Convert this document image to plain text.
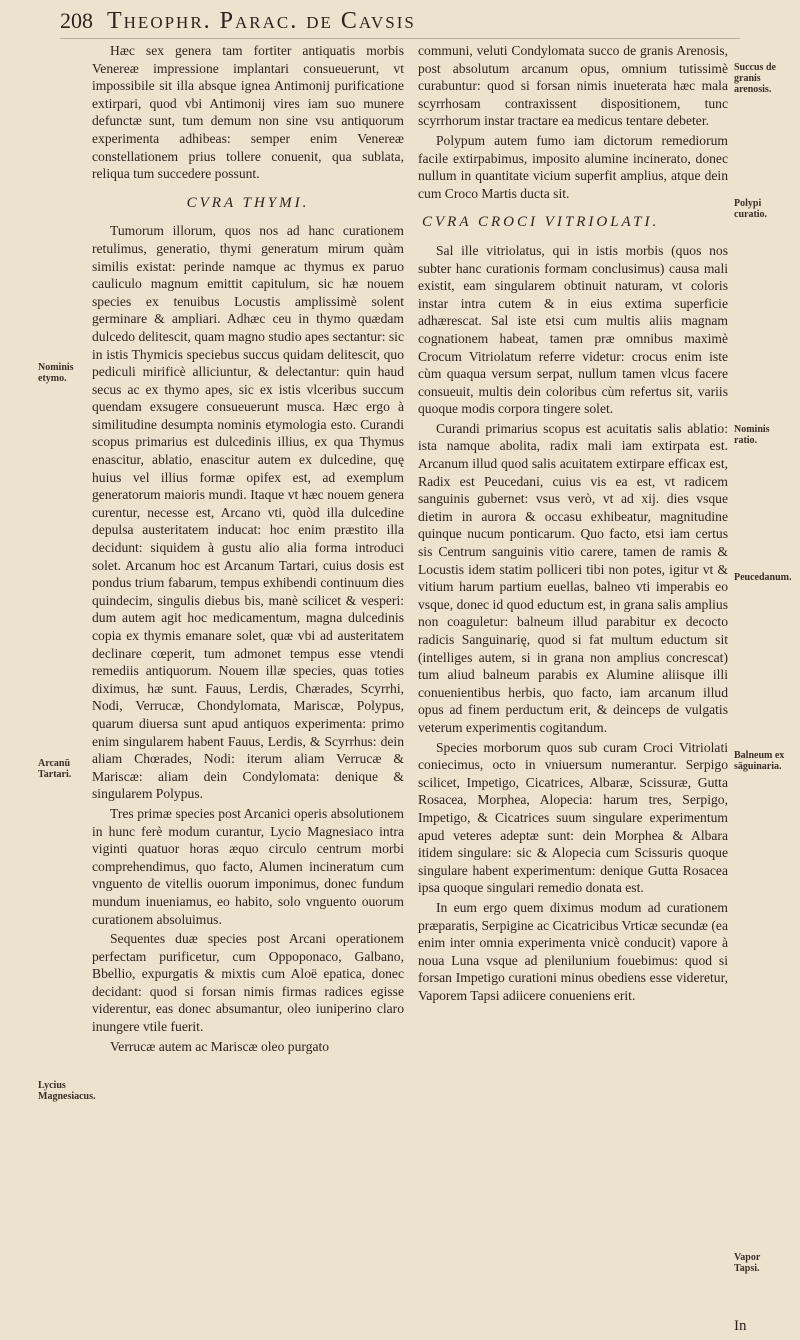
208 Theophr. Parac. de Cavsis

Hæc sex genera tam fortiter antiquatis morbis Venereæ impressione implantari consueuerunt, vt impossibile sit illa absque ignea Antimonij purificatione extirpari, quod vbi Antimonij vires iam suo munere defunctæ sunt, tum demum non sine vsu antiquorum experimenta adhibeas: semper enim Venereæ constellationem prius tollere conuenit, qua sublata, reliqua tum succedere possunt.

CVRA THYMI.

Tumorum illorum, quos nos ad hanc curationem retulimus, generatio, thymi generatum mirum quàm similis existat: perinde namque ac thymus ex paruo cauliculo magnum emittit capitulum, sic hæ nouem species ex tenuibus Locustis amplissimè solent germinare & ampliari. Adhæc ceu in thymo quædam dulcedo delitescit, quam magno studio apes sectantur: sic in istis Thymicis speciebus succus quidam delitescit, quo pediculi mirificè alliciuntur, & delectantur: quin haud secus ac ex thymo apes, sic ex istis vlceribus succum quendam exsugere consueuerunt musca. Hæc ergo à similitudine desumpta nominis etymologia esto. Curandi scopus primarius est dulcedinis illius, ex qua Thymus enascitur, ablatio, enascitur autem ex dulcedine, quę huius vel illius formæ opifex est, ad exemplum generatorum maioris mundi. Itaque vt hæc nouem genera curentur, necesse est, Arcano vti, quòd illa dulcedine depulsa austeritatem inducat: hoc enim præstito illa decidunt: siquidem à gustu alio alia forma introduci solet. Arcanum hoc est Arcanum Tartari, cuius dosis est pondus trium fabarum, tempus exhibendi continuum dies quindecim, singulis diebus bis, manè scilicet & vesperi: dum autem agit hoc medicamentum, magna dulcedinis copia ex thymis emanare solet, quæ vbi ad austeritatem declinare cœperit, tum admonet tempus esse vtendi remediis antiquorum. Nouem illæ species, quas toties diximus, hæ sunt. Fauus, Lerdis, Chærades, Scyrrhi, Nodi, Verrucæ, Chondylomata, Mariscæ, Polypus, quarum diuersa sunt apud antiquos experimenta: primo enim singularem habent Fauus, Lerdis, & Scyrrhus: dein aliam Chœrades, Nodi: iterum aliam Verrucæ & Mariscæ: aliam dein Condylomata: denique & singularem Polypus.

Tres primæ species post Arcanici operis absolutionem in hunc ferè modum curantur, Lycio Magnesiaco intra viginti quatuor horas æquo circulo centrum morbi comprehendimus, quo facto, Alumen incineratum cum vnguento de vitellis ouorum imponimus, donec fundum mundum inueniamus, eo habito, solo vnguento ouorum curationem absoluimus.

Sequentes duæ species post Arcani operationem perfectam purificetur, cum Oppoponaco, Galbano, Bbellio, expurgatis & mixtis cum Aloë epatica, donec decidant: quod si forsan nimis firmas radices egisse viderentur, eas donec absumantur, oleo iuniperino claro inungere vtile fuerit.

Verrucæ autem ac Mariscæ oleo purgato

communi, veluti Condylomata succo de granis Arenosis, post absolutum arcanum opus, omnium tutissimè curabuntur: quod si forsan nimis inueterata hæc mala scyrrhosam contraxissent dispositionem, tunc scyrrhorum instar tractare ea medicus tentare debeter.

Polypum autem fumo iam dictorum remediorum facile extirpabimus, imposito alumine incinerato, donec nullum in quantitate vicium superfit amplius, atque dein cum Croco Martis ducta sit.

CVRA CROCI VITRIOLATI.

Sal ille vitriolatus, qui in istis morbis (quos nos subter hanc curationis formam conclusimus) causa mali existit, eam singularem obtinuit naturam, vt coloris instar intra cutem & in eius extima superficie adhærescat. Sal iste etsi cum multis aliis magnam cognationem habeat, tamen præ omnibus maximè Crocum Vitriolatum referre videtur: crocus enim iste cùm quaqua versum serpat, nullum tamen vlcus facere consueuit, multis dein coloribus cùm refertus sit, variis quoque modis corpora tingere solet.

Curandi primarius scopus est acuitatis salis ablatio: ista namque abolita, radix mali iam extirpata est. Arcanum illud quod salis acuitatem extirpare efficax est, Radix est Peucedani, cuius vis ea est, vt radicem sanguinis gubernet: vsus verò, vt ad xij. dies vsque dietim in aurora & occasu exhibeatur, magnitudine quinque nucum ponticarum. Quo facto, etsi iam certus sis Centrum sanguinis vitio carere, tamen de ramis & Locustis idem statim polliceri tibi non potes, igitur vt & vitium harum partium euellas, balneo vti imperabis eo vsque, donec id quod eductum est, in grana salis amplius non coaguletur: balneum illud parabitur ex decocto radicis Sanguinarię, quod si fat multum eductum sit (intelliges autem, si in grana non amplius concrescat) tum aliud balneum parabis ex Alumine aliisque illi conuenientibus herbis, quo facto, iam arcanum illud opus ad finem perductum erit, & deinceps de vulgatis veterum experimentis cogitandum.

Species morborum quos sub curam Croci Vitriolati coniecimus, octo in vniuersum numerantur. Serpigo scilicet, Impetigo, Cicatrices, Albaræ, Scissuræ, Gutta Rosacea, Morphea, Alopecia: harum tres, Serpigo, Impetigo, & Cicatrices suum singulare experimentum apud veteres adeptæ sunt: dein Morphea & Albara itidem singulare: sic & Alopecia cum Scissuris quoque singulare habent experimentum: denique Gutta Rosacea ipsa quoque singulari remedio donata est.

In eum ergo quem diximus modum ad curationem præparatis, Serpigine ac Cicatricibus Vrticæ secundæ (ea enim inter omnia experimenta vnicè conducit) vapore à noua Luna vsque ad plenilunium fouebimus: quod si forsan Impetigo curationi minus obediens esse videretur, Vaporem Tapsi adiicere conueniens erit.

Nominis etymo.
Arcanū Tartari.
Lycius Magnesiacus.
Succus de granis arenosis.
Polypi curatio.
Nominis ratio.
Peucedanum.
Balneum ex sāguinaria.
Vapor Tapsi.
In
